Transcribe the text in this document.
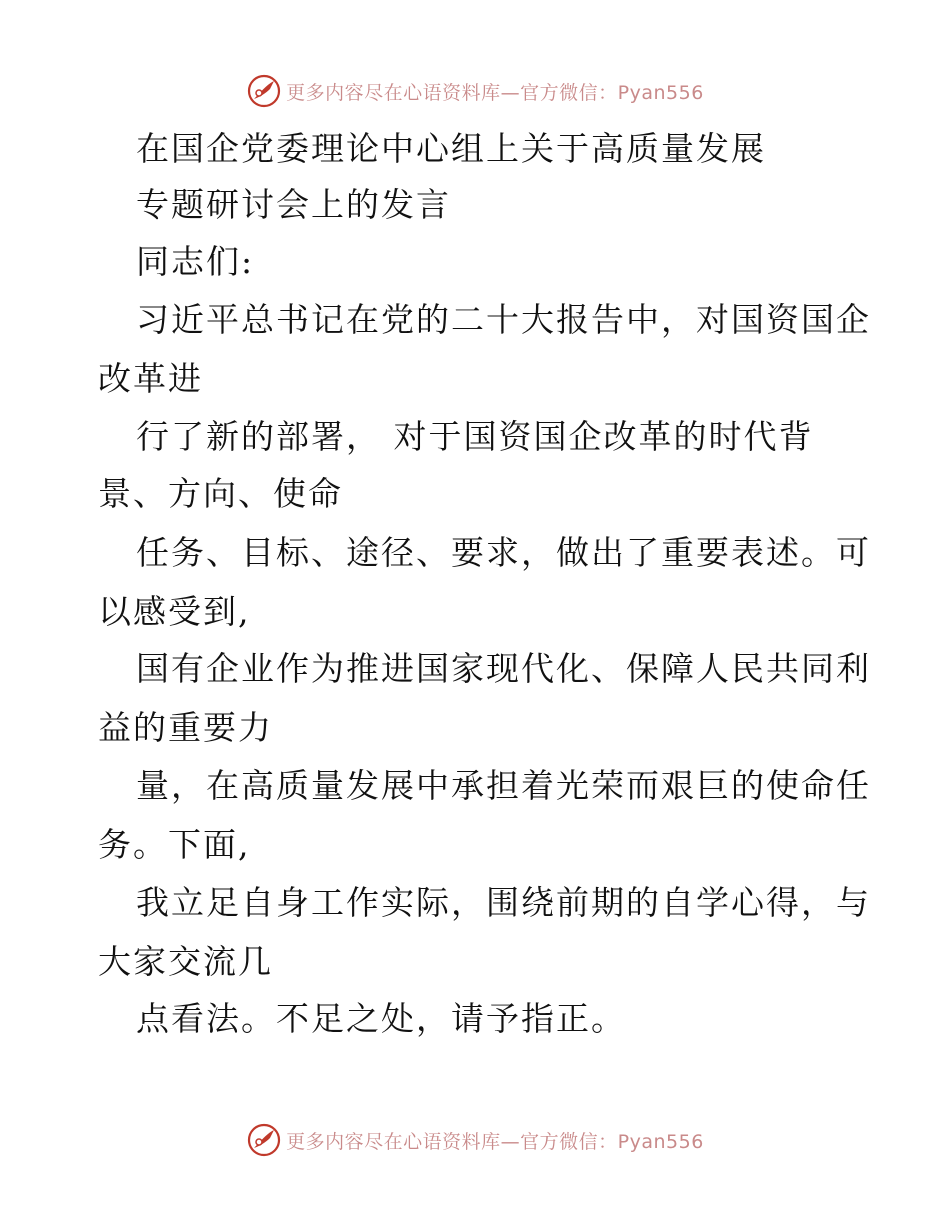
更多内容尽在心语资料库—官方微信：Pyan556
在国企党委理论中心组上关于高质量发展
专题研讨会上的发言
同志们:
习近平总书记在党的二十大报告中，对国资国企
改革进
行了新的部署， 对于国资国企改革的时代背
景、方向、使命
任务、目标、途径、要求，做出了重要表述。可
以感受到,
国有企业作为推进国家现代化、保障人民共同利
益的重要力
量，在高质量发展中承担着光荣而艰巨的使命任
务。下面,
我立足自身工作实际，围绕前期的自学心得，与
大家交流几
点看法。不足之处，请予指正。
更多内容尽在心语资料库—官方微信：Pyan556
